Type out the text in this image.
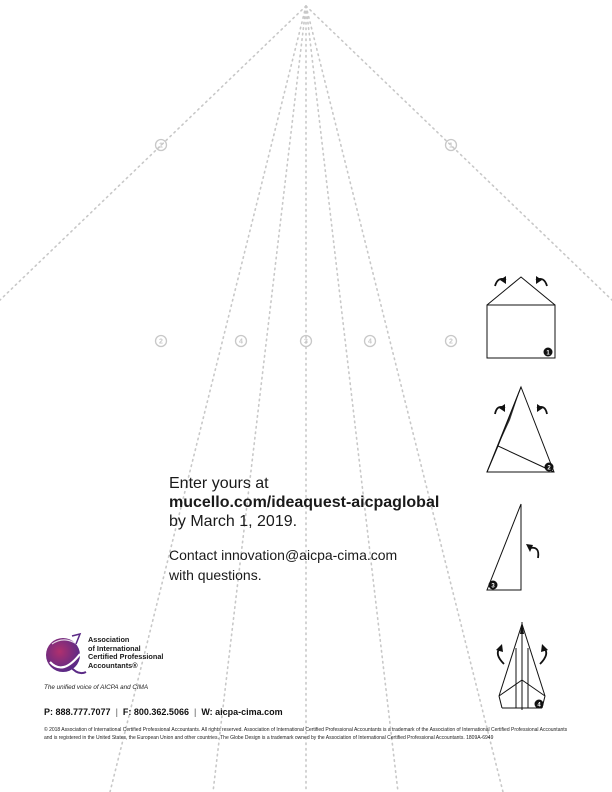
1	1
2	4	3	4	2
1
2
3
4
Enter yours at
mucello.com/ideaquest-aicpaglobal
by March 1, 2019.
Contact innovation@aicpa-cima.com
with questions.
Association
of International
Certified Professional
Accountants®
The unified voice of AICPA and CIMA
P: 888.777.7077 | F: 800.362.5066 | W: aicpa-cima.com
© 2018 Association of International Certified Professional Accountants. All rights reserved. Association of International Certified Professional Accountants is a trademark of the Association of International Certified Professional Accountants and is registered in the United States, the European Union and other countries. The Globe Design is a trademark owned by the Association of International Certified Professional Accountants. 1809A-6949
